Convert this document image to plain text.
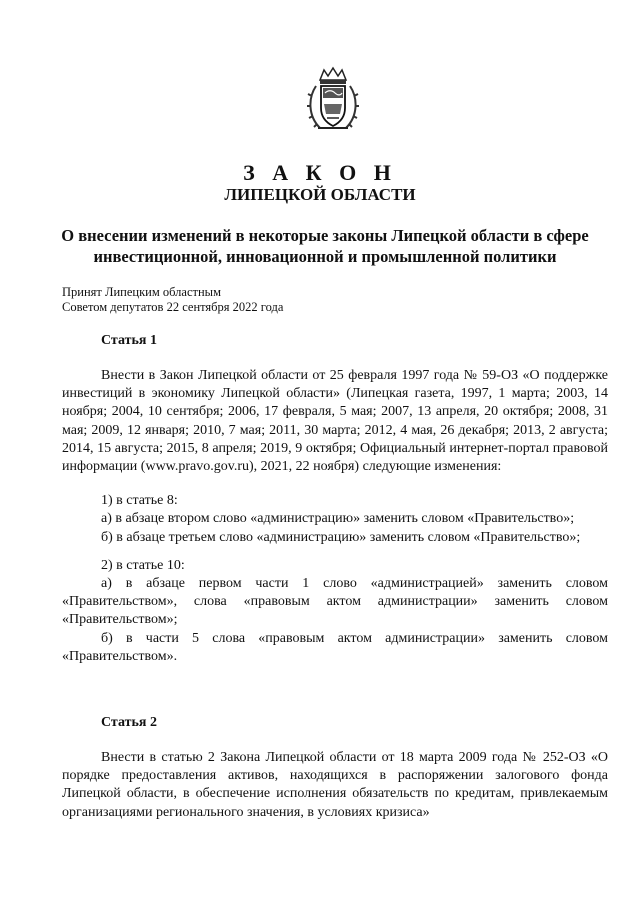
З А К О Н
ЛИПЕЦКОЙ ОБЛАСТИ
О внесении изменений в некоторые законы Липецкой области в сфере инвестиционной, инновационной и промышленной политики
Принят Липецким областным
Советом депутатов 22 сентября 2022 года
Статья 1

Внести в Закон Липецкой области от 25 февраля 1997 года № 59-ОЗ «О поддержке инвестиций в экономику Липецкой области» (Липецкая газета, 1997, 1 марта; 2003, 14 ноября; 2004, 10 сентября; 2006, 17 февраля, 5 мая; 2007, 13 апреля, 20 октября; 2008, 31 мая; 2009, 12 января; 2010, 7 мая; 2011, 30 марта; 2012, 4 мая, 26 декабря; 2013, 2 августа; 2014, 15 августа; 2015, 8 апреля; 2019, 9 октября; Официальный интернет-портал правовой информации (www.pravo.gov.ru), 2021, 22 ноября) следующие изменения:

1) в статье 8:

а) в абзаце втором слово «администрацию» заменить словом «Правительство»;

б) в абзаце третьем слово «администрацию» заменить словом «Правительство»;

2) в статье 10:

а) в абзаце первом части 1 слово «администрацией» заменить словом «Правительством», слова «правовым актом администрации» заменить словом «Правительством»;

б) в части 5 слова «правовым актом администрации» заменить словом «Правительством».

Статья 2

Внести в статью 2 Закона Липецкой области от 18 марта 2009 года № 252-ОЗ «О порядке предоставления активов, находящихся в распоряжении залогового фонда Липецкой области, в обеспечение исполнения обязательств по кредитам, привлекаемым организациями регионального значения, в условиях кризиса»
